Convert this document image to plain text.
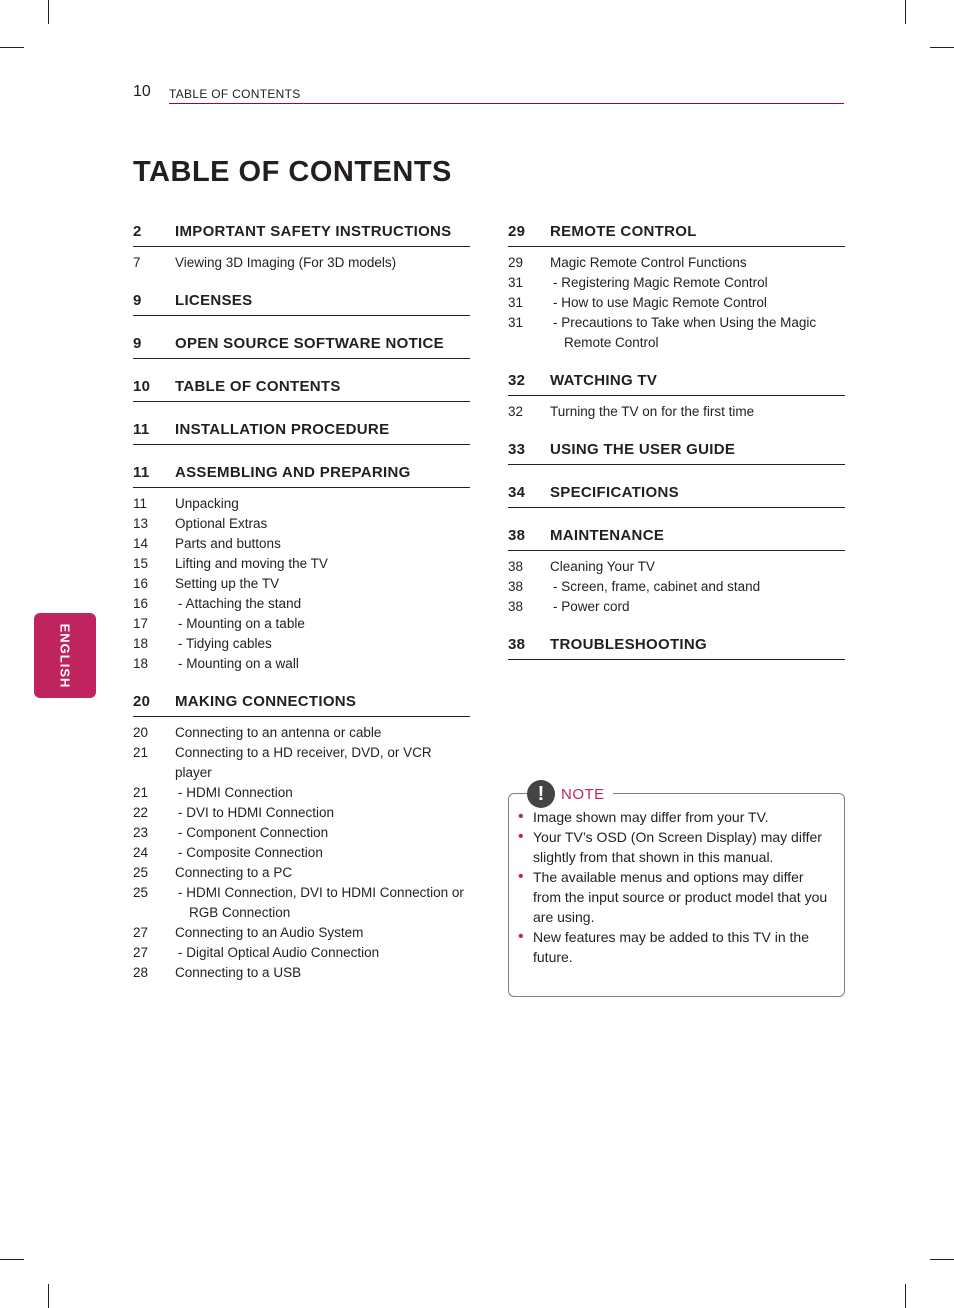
10 TABLE OF CONTENTS
TABLE OF CONTENTS
ENGLISH
2	IMPORTANT SAFETY INSTRUCTIONS
7	Viewing 3D Imaging (For 3D models)
9	LICENSES
9	OPEN SOURCE SOFTWARE NOTICE
10	TABLE OF CONTENTS
11	INSTALLATION PROCEDURE
11	ASSEMBLING AND PREPARING
11	Unpacking
13	Optional Extras
14	Parts and buttons
15	Lifting and moving the TV
16	Setting up the TV
16	- Attaching the stand
17	- Mounting on a table
18	- Tidying cables
18	- Mounting on a wall
20	MAKING CONNECTIONS
20	Connecting to an antenna or cable
21	Connecting to a HD receiver, DVD, or VCR player
21	- HDMI Connection
22	- DVI to HDMI Connection
23	- Component Connection
24	- Composite Connection
25	Connecting to a PC
25	- HDMI Connection, DVI to HDMI Connection or RGB Connection
27	Connecting to an Audio System
27	- Digital Optical Audio Connection
28	Connecting to a USB
29	REMOTE CONTROL
29	Magic Remote Control Functions
31	- Registering Magic Remote Control
31	- How to use Magic Remote Control
31	- Precautions to Take when Using the Magic Remote Control
32	WATCHING TV
32	Turning the TV on for the first time
33	USING THE USER GUIDE
34	SPECIFICATIONS
38	MAINTENANCE
38	Cleaning Your TV
38	- Screen, frame, cabinet and stand
38	- Power cord
38	TROUBLESHOOTING
!	NOTE
• Image shown may differ from your TV.
• Your TV’s OSD (On Screen Display) may differ slightly from that shown in this manual.
• The available menus and options may differ from the input source or product model that you are using.
• New features may be added to this TV in the future.
